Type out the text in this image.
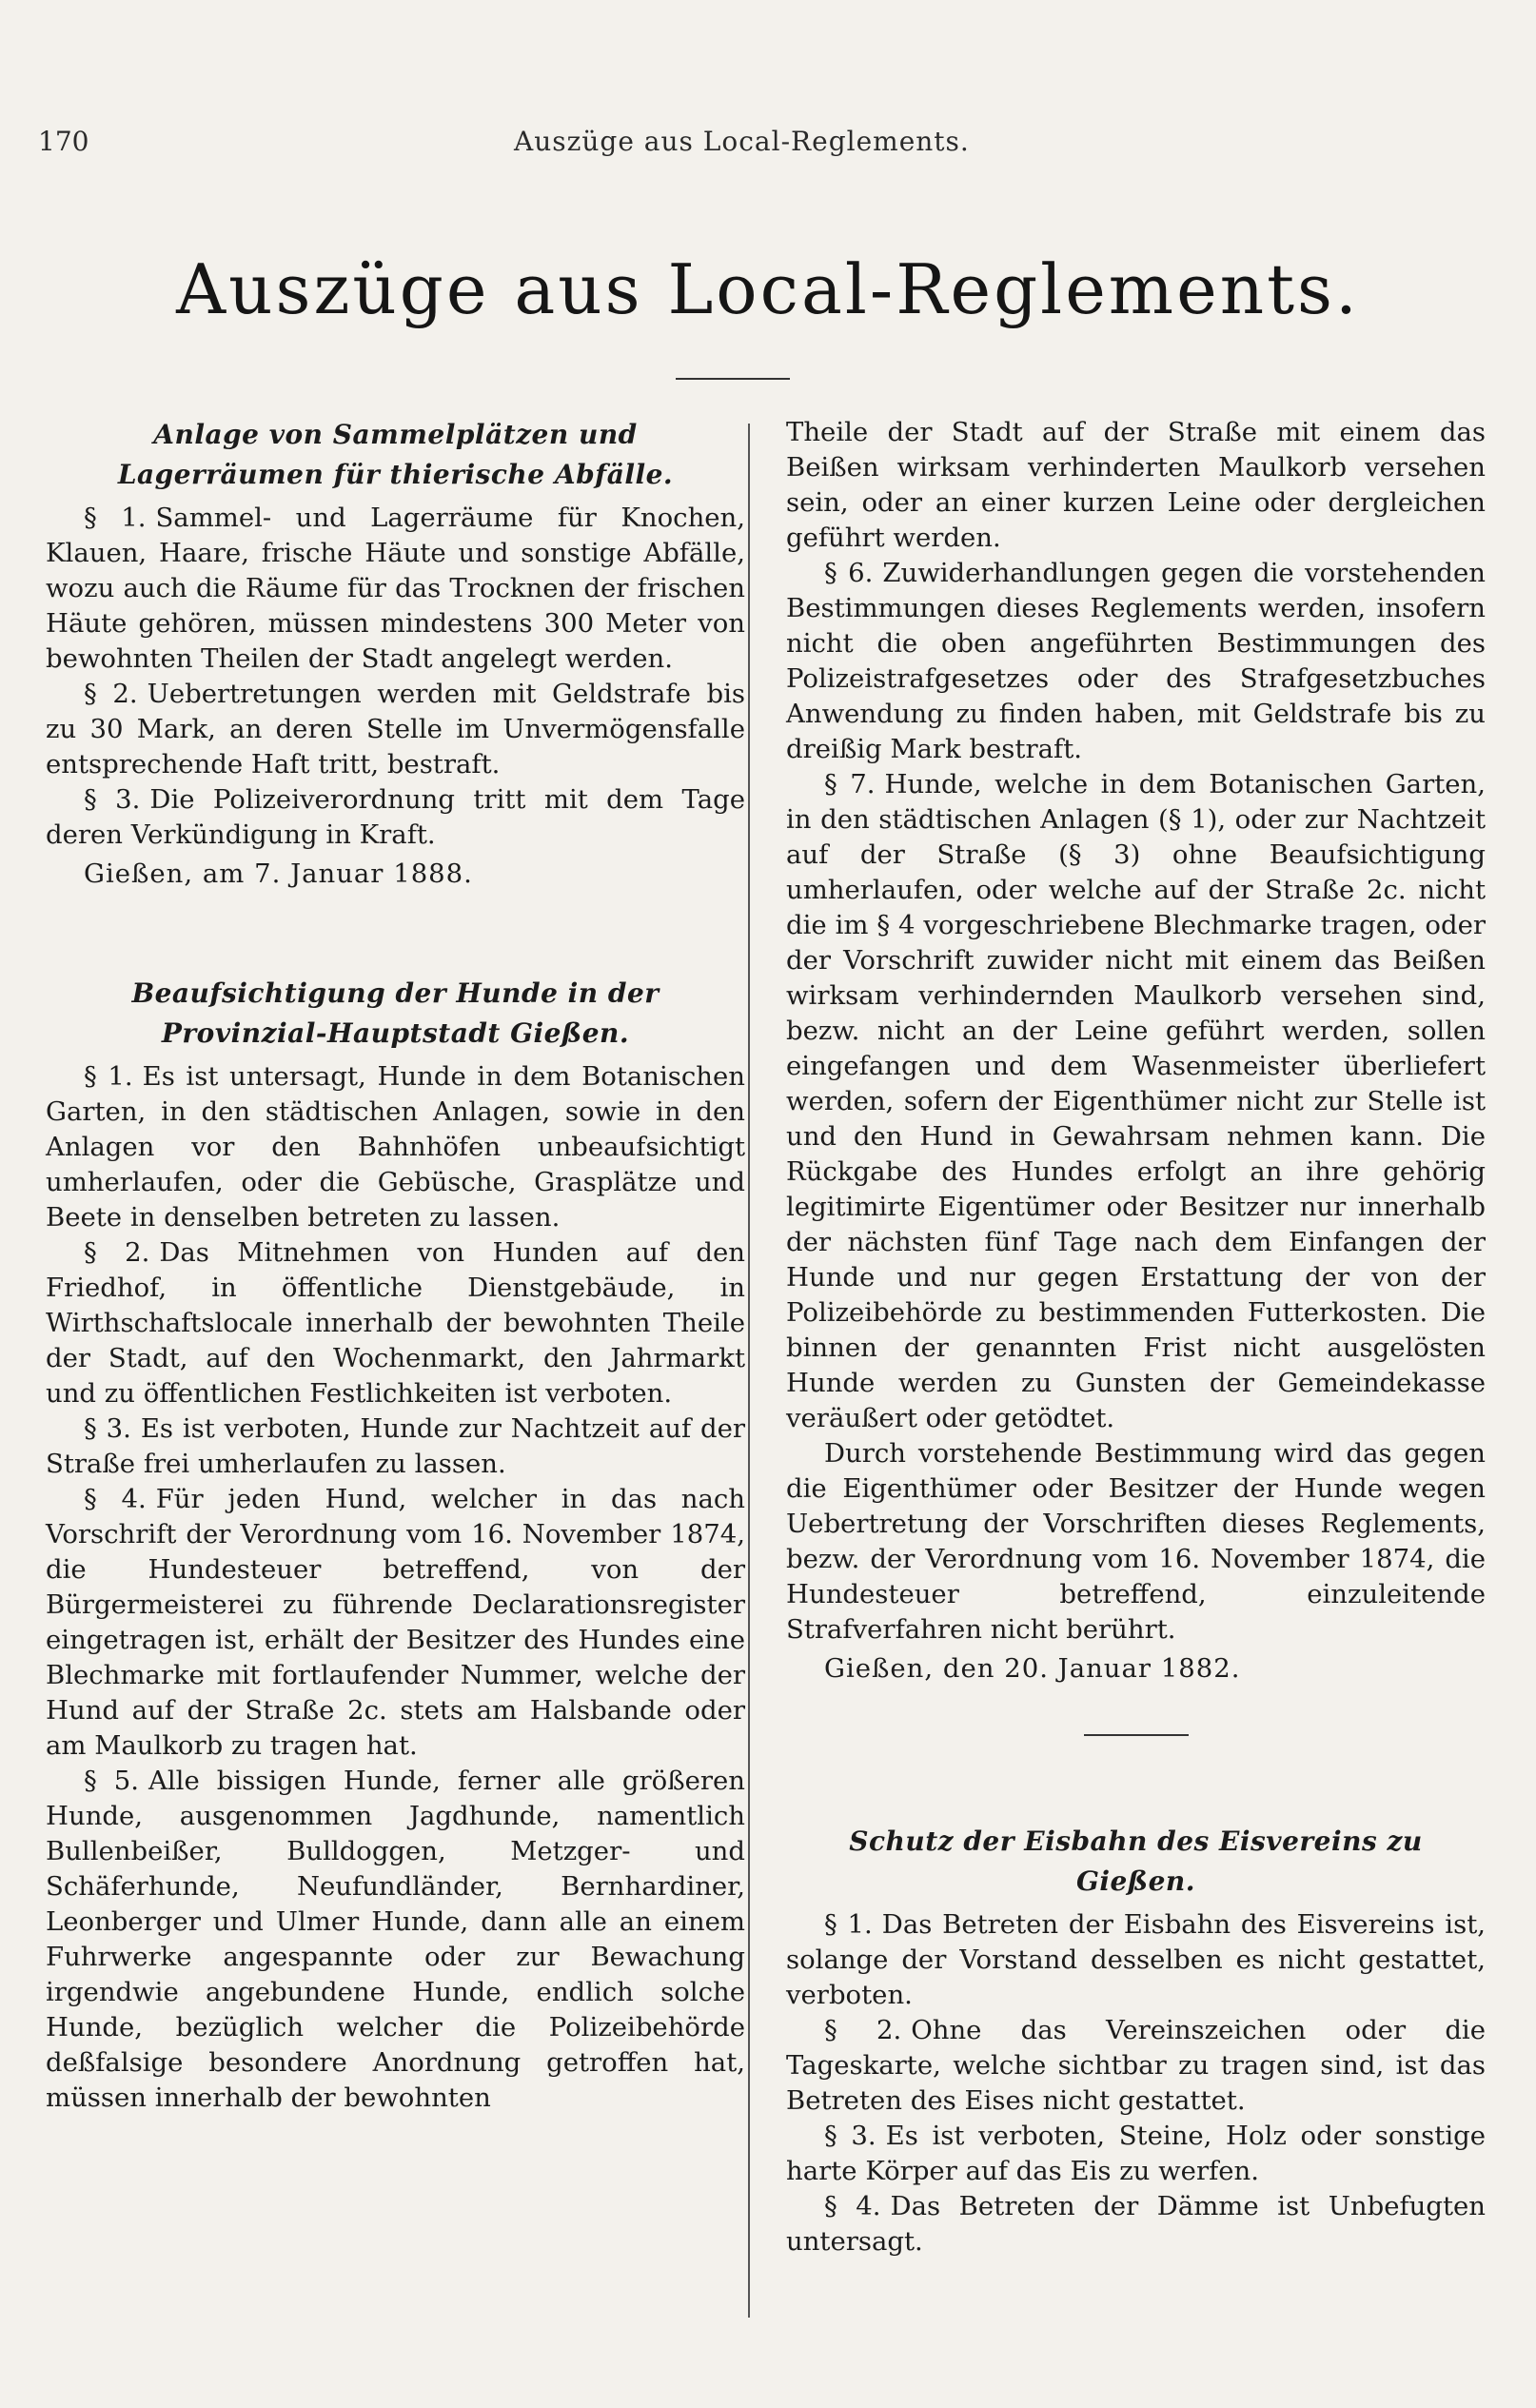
170	Auszüge aus Local-Reglements.
Auszüge aus Local-Reglements.
Anlage von Sammelplätzen und Lagerräumen für thierische Abfälle.

§ 1. Sammel- und Lagerräume für Knochen, Klauen, Haare, frische Häute und sonstige Abfälle, wozu auch die Räume für das Trocknen der frischen Häute gehören, müssen mindestens 300 Meter von bewohnten Theilen der Stadt angelegt werden.

§ 2. Uebertretungen werden mit Geldstrafe bis zu 30 Mark, an deren Stelle im Unvermögensfalle entsprechende Haft tritt, bestraft.

§ 3. Die Polizeiverordnung tritt mit dem Tage deren Verkündigung in Kraft.

Gießen, am 7. Januar 1888.

Beaufsichtigung der Hunde in der Provinzial-Hauptstadt Gießen.

§ 1. Es ist untersagt, Hunde in dem Botanischen Garten, in den städtischen Anlagen, sowie in den Anlagen vor den Bahnhöfen unbeaufsichtigt umherlaufen, oder die Gebüsche, Grasplätze und Beete in denselben betreten zu lassen.

§ 2. Das Mitnehmen von Hunden auf den Friedhof, in öffentliche Dienstgebäude, in Wirthschaftslocale innerhalb der bewohnten Theile der Stadt, auf den Wochenmarkt, den Jahrmarkt und zu öffentlichen Festlichkeiten ist verboten.

§ 3. Es ist verboten, Hunde zur Nachtzeit auf der Straße frei umherlaufen zu lassen.

§ 4. Für jeden Hund, welcher in das nach Vorschrift der Verordnung vom 16. November 1874, die Hundesteuer betreffend, von der Bürgermeisterei zu führende Declarationsregister eingetragen ist, erhält der Besitzer des Hundes eine Blechmarke mit fortlaufender Nummer, welche der Hund auf der Straße 2c. stets am Halsbande oder am Maulkorb zu tragen hat.

§ 5. Alle bissigen Hunde, ferner alle größeren Hunde, ausgenommen Jagdhunde, namentlich Bullenbeißer, Bulldoggen, Metzger- und Schäferhunde, Neufundländer, Bernhardiner, Leonberger und Ulmer Hunde, dann alle an einem Fuhrwerke angespannte oder zur Bewachung irgendwie angebundene Hunde, endlich solche Hunde, bezüglich welcher die Polizeibehörde deßfalsige besondere Anordnung getroffen hat, müssen innerhalb der bewohnten

Theile der Stadt auf der Straße mit einem das Beißen wirksam verhinderten Maulkorb versehen sein, oder an einer kurzen Leine oder dergleichen geführt werden.

§ 6. Zuwiderhandlungen gegen die vorstehenden Bestimmungen dieses Reglements werden, insofern nicht die oben angeführten Bestimmungen des Polizeistrafgesetzes oder des Strafgesetzbuches Anwendung zu finden haben, mit Geldstrafe bis zu dreißig Mark bestraft.

§ 7. Hunde, welche in dem Botanischen Garten, in den städtischen Anlagen (§ 1), oder zur Nachtzeit auf der Straße (§ 3) ohne Beaufsichtigung umherlaufen, oder welche auf der Straße 2c. nicht die im § 4 vorgeschriebene Blechmarke tragen, oder der Vorschrift zuwider nicht mit einem das Beißen wirksam verhindernden Maulkorb versehen sind, bezw. nicht an der Leine geführt werden, sollen eingefangen und dem Wasenmeister überliefert werden, sofern der Eigenthümer nicht zur Stelle ist und den Hund in Gewahrsam nehmen kann. Die Rückgabe des Hundes erfolgt an ihre gehörig legitimirte Eigentümer oder Besitzer nur innerhalb der nächsten fünf Tage nach dem Einfangen der Hunde und nur gegen Erstattung der von der Polizeibehörde zu bestimmenden Futterkosten. Die binnen der genannten Frist nicht ausgelösten Hunde werden zu Gunsten der Gemeindekasse veräußert oder getödtet.

Durch vorstehende Bestimmung wird das gegen die Eigenthümer oder Besitzer der Hunde wegen Uebertretung der Vorschriften dieses Reglements, bezw. der Verordnung vom 16. November 1874, die Hundesteuer betreffend, einzuleitende Strafverfahren nicht berührt.

Gießen, den 20. Januar 1882.

Schutz der Eisbahn des Eisvereins zu Gießen.

§ 1. Das Betreten der Eisbahn des Eisvereins ist, solange der Vorstand desselben es nicht gestattet, verboten.

§ 2. Ohne das Vereinszeichen oder die Tageskarte, welche sichtbar zu tragen sind, ist das Betreten des Eises nicht gestattet.

§ 3. Es ist verboten, Steine, Holz oder sonstige harte Körper auf das Eis zu werfen.

§ 4. Das Betreten der Dämme ist Unbefugten untersagt.
